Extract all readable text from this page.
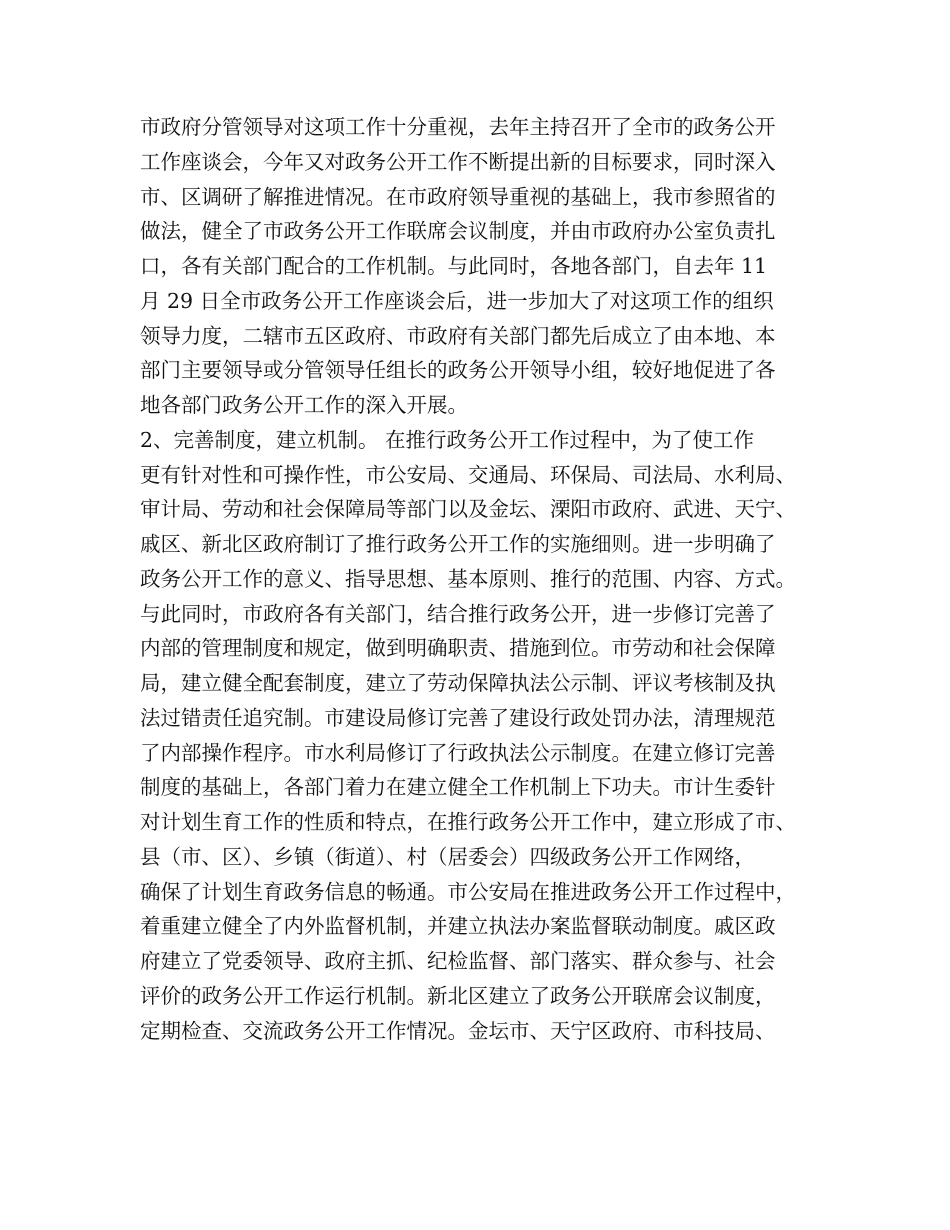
市政府分管领导对这项工作十分重视，去年主持召开了全市的政务公开
工作座谈会，今年又对政务公开工作不断提出新的目标要求，同时深入
市、区调研了解推进情况。在市政府领导重视的基础上，我市参照省的
做法，健全了市政务公开工作联席会议制度，并由市政府办公室负责扎
口，各有关部门配合的工作机制。与此同时，各地各部门，自去年 11
月 29 日全市政务公开工作座谈会后，进一步加大了对这项工作的组织
领导力度，二辖市五区政府、市政府有关部门都先后成立了由本地、本
部门主要领导或分管领导任组长的政务公开领导小组，较好地促进了各
地各部门政务公开工作的深入开展。
2、完善制度，建立机制。 在推行政务公开工作过程中，为了使工作
更有针对性和可操作性，市公安局、交通局、环保局、司法局、水利局、
审计局、劳动和社会保障局等部门以及金坛、溧阳市政府、武进、天宁、
戚区、新北区政府制订了推行政务公开工作的实施细则。进一步明确了
政务公开工作的意义、指导思想、基本原则、推行的范围、内容、方式。
与此同时，市政府各有关部门，结合推行政务公开，进一步修订完善了
内部的管理制度和规定，做到明确职责、措施到位。市劳动和社会保障
局，建立健全配套制度，建立了劳动保障执法公示制、评议考核制及执
法过错责任追究制。市建设局修订完善了建设行政处罚办法，清理规范
了内部操作程序。市水利局修订了行政执法公示制度。在建立修订完善
制度的基础上，各部门着力在建立健全工作机制上下功夫。市计生委针
对计划生育工作的性质和特点，在推行政务公开工作中，建立形成了市、
县（市、区）、乡镇（街道）、村（居委会）四级政务公开工作网络，
确保了计划生育政务信息的畅通。市公安局在推进政务公开工作过程中，
着重建立健全了内外监督机制，并建立执法办案监督联动制度。戚区政
府建立了党委领导、政府主抓、纪检监督、部门落实、群众参与、社会
评价的政务公开工作运行机制。新北区建立了政务公开联席会议制度，
定期检查、交流政务公开工作情况。金坛市、天宁区政府、市科技局、
